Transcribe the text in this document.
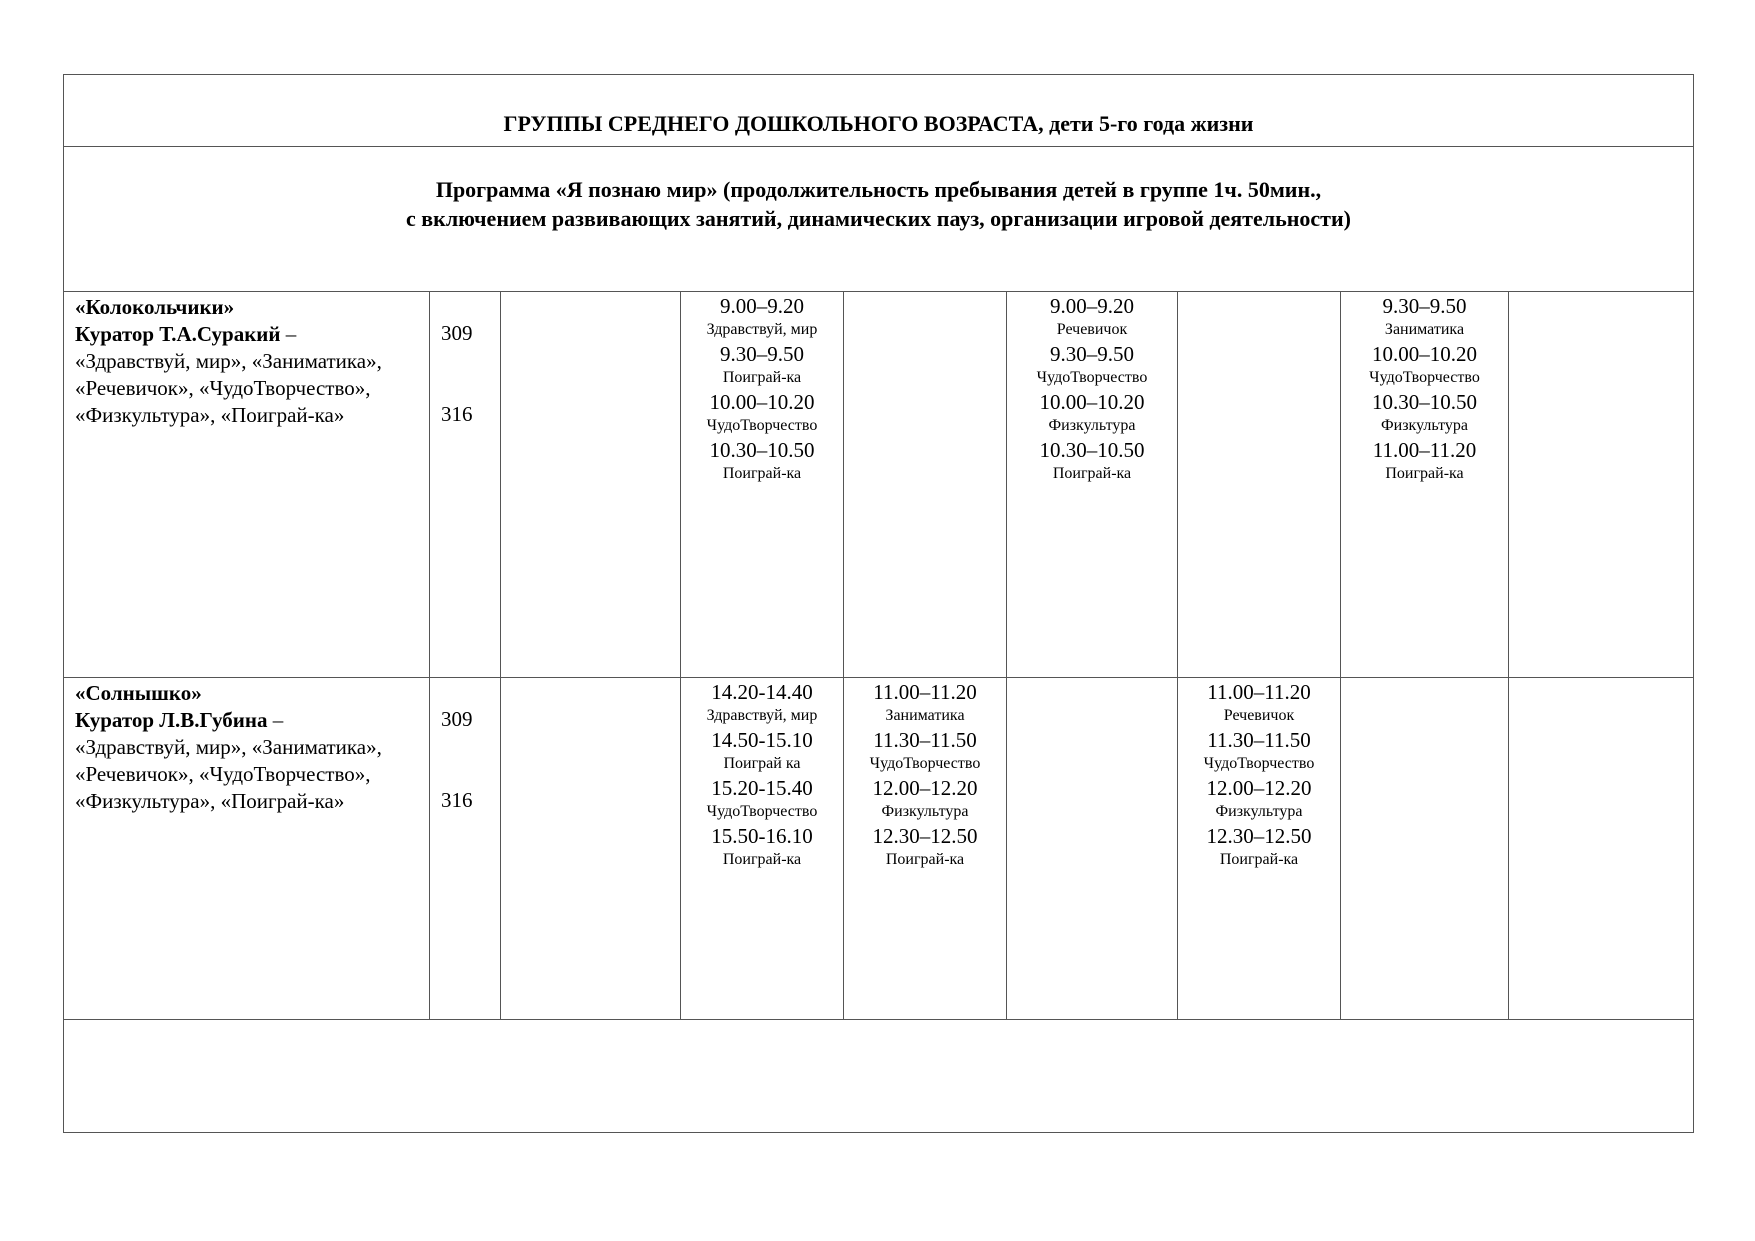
ГРУППЫ СРЕДНЕГО ДОШКОЛЬНОГО ВОЗРАСТА, дети 5-го года жизни
Программа «Я познаю мир» (продолжительность пребывания детей в группе 1ч. 50мин.,
с включением развивающих занятий, динамических пауз, организации игровой деятельности)
«Колокольчики»
Куратор Т.А.Суракий –
«Здравствуй, мир», «Заниматика»,
«Речевичок», «ЧудоТворчество»,
«Физкультура», «Поиграй-ка»
309
316
9.00–9.20
Здравствуй, мир
9.30–9.50
Поиграй-ка
10.00–10.20
ЧудоТворчество
10.30–10.50
Поиграй-ка
9.00–9.20
Речевичок
9.30–9.50
ЧудоТворчество
10.00–10.20
Физкультура
10.30–10.50
Поиграй-ка
9.30–9.50
Заниматика
10.00–10.20
ЧудоТворчество
10.30–10.50
Физкультура
11.00–11.20
Поиграй-ка
«Солнышко»
Куратор Л.В.Губина –
«Здравствуй, мир», «Заниматика»,
«Речевичок», «ЧудоТворчество»,
«Физкультура», «Поиграй-ка»
309
316
14.20-14.40
Здравствуй, мир
14.50-15.10
Поиграй ка
15.20-15.40
ЧудоТворчество
15.50-16.10
Поиграй-ка
11.00–11.20
Заниматика
11.30–11.50
ЧудоТворчество
12.00–12.20
Физкультура
12.30–12.50
Поиграй-ка
11.00–11.20
Речевичок
11.30–11.50
ЧудоТворчество
12.00–12.20
Физкультура
12.30–12.50
Поиграй-ка
